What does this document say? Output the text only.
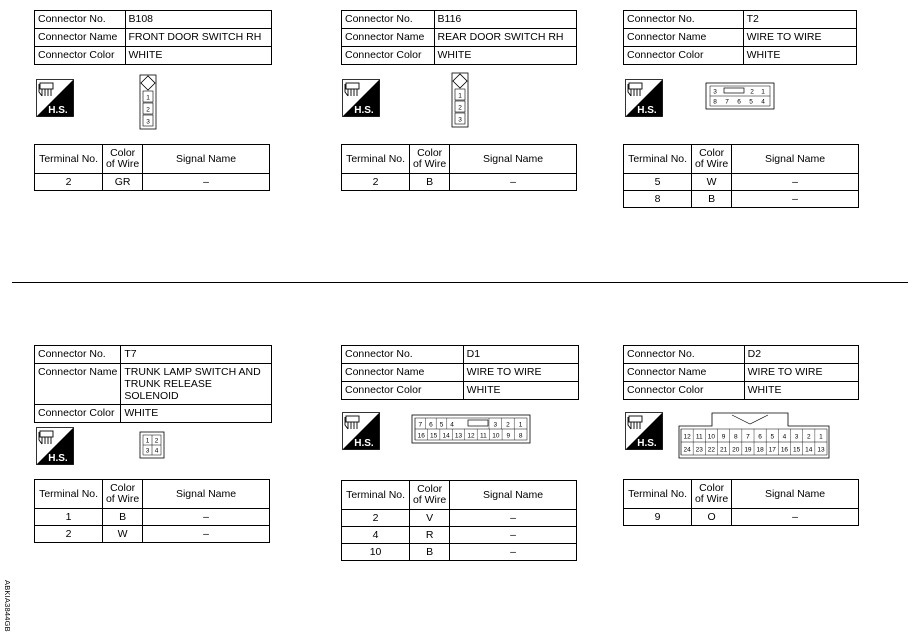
Connector No.	B108
Connector Name	FRONT DOOR SWITCH RH
Connector Color	WHITE
Connector No.	B116
Connector Name	REAR DOOR SWITCH RH
Connector Color	WHITE
Connector No.	T2
Connector Name	WIRE TO WIRE
Connector Color	WHITE
Connector No.	T7
Connector Name	TRUNK LAMP SWITCH AND
TRUNK RELEASE SOLENOID
Connector Color	WHITE
Connector No.	D1
Connector Name	WIRE TO WIRE
Connector Color	WHITE
Connector No.	D2
Connector Name	WIRE TO WIRE
Connector Color	WHITE
H.S.	H.S.	H.S.
H.S.
H.S.	H.S.
1
2
3
1
2
3
3	2 1
8 7 6 5 4
1 2
3 4
7 6 5 4	3 2 1
16 15 14 13 12 11 10 9 8	12 11 10 9 8 7 6 5 4 3 2 1
24 23 22 21 20 19 18 17 16 15 14 13
Terminal No.	Color of Wire	Signal Name
2	GR	–
Terminal No.	Color of Wire	Signal Name
2	B	–
Terminal No.	Color of Wire	Signal Name
5	W	–
8	B	–
Terminal No.	Color of Wire	Signal Name
1	B	–
2	W	–
Terminal No.	Color of Wire	Signal Name
2	V	–
4	R	–
10	B	–
Terminal No.	Color of Wire	Signal Name
9	O	–
ABKIA3844GB
